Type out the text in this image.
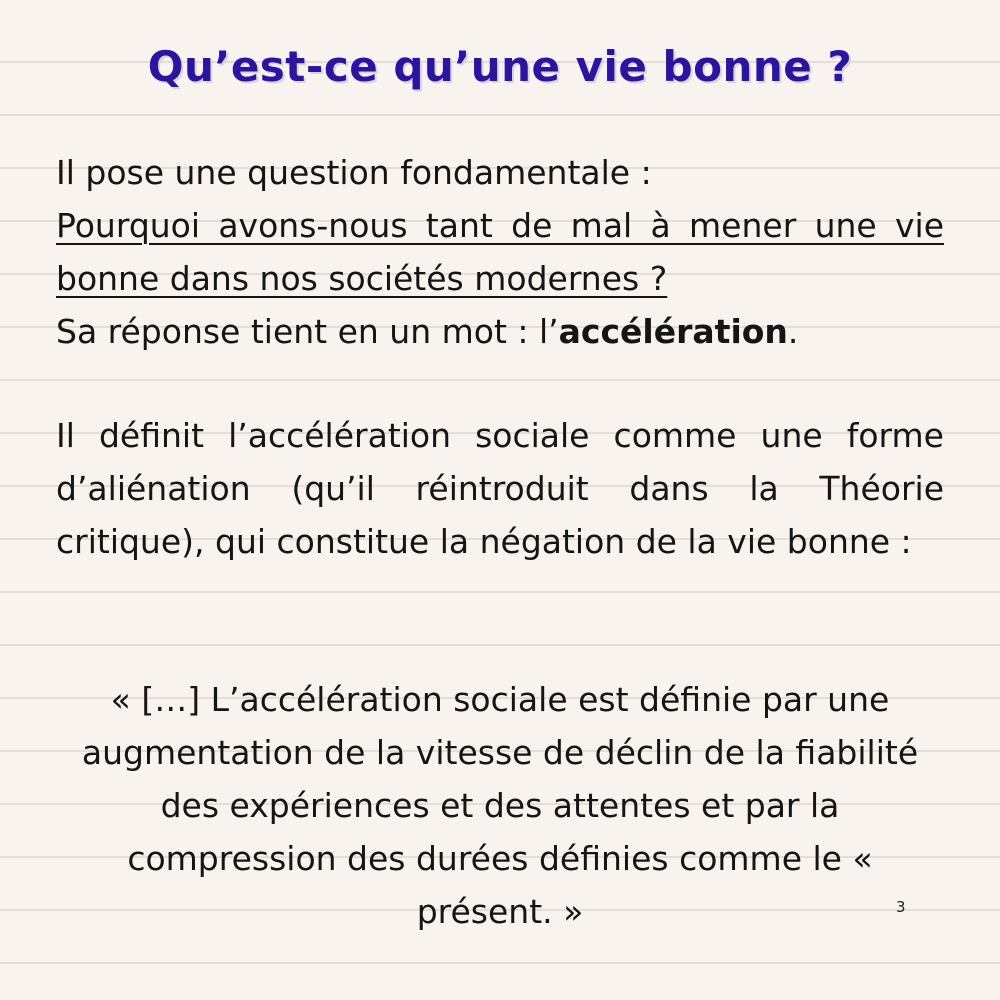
Qu’est-ce qu’une vie bonne ?
Il pose une question fondamentale :
Pourquoi avons-nous tant de mal à mener une vie bonne dans nos sociétés modernes ?
Sa réponse tient en un mot : l’accélération.

Il définit l’accélération sociale comme une forme d’aliénation (qu’il réintroduit dans la Théorie critique), qui constitue la négation de la vie bonne :

« […] L’accélération sociale est définie par une augmentation de la vitesse de déclin de la fiabilité des expériences et des attentes et par la compression des durées définies comme le « présent. »	3
